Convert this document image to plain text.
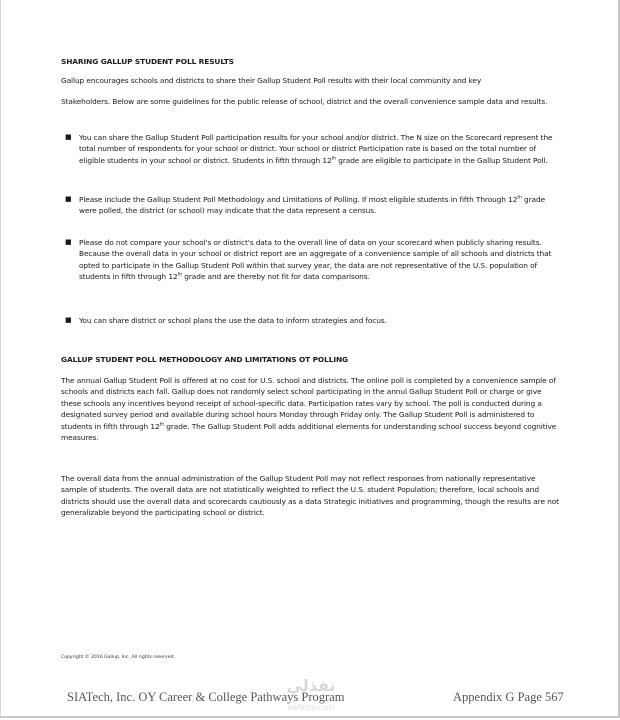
SHARING GALLUP STUDENT POLL RESULTS

Gallup encourages schools and districts to share their Gallup Student Poll results with their local community and key

Stakeholders. Below are some guidelines for the public release of school, district and the overall convenience sample data and results.

■ You can share the Gallup Student Poll participation results for your school and/or district. The N size on the Scorecard represent the total number of respondents for your school or district. Your school or district Participation rate is based on the total number of eligible students in your school or district. Students in fifth through 12th grade are eligible to participate in the Gallup Student Poll.
■ Please include the Gallup Student Poll Methodology and Limitations of Polling. If most eligible students in fifth Through 12th grade were polled, the district (or school) may indicate that the data represent a census.
■ Please do not compare your school's or district's data to the overall line of data on your scorecard when publicly sharing results. Because the overall data in your school or district report are an aggregate of a convenience sample of all schools and districts that opted to participate in the Gallup Student Poll within that survey year, the data are not representative of the U.S. population of students in fifth through 12th grade and are thereby not fit for data comparisons.
■ You can share district or school plans the use the data to inform strategies and focus.
GALLUP STUDENT POLL METHODOLOGY AND LIMITATIONS OT POLLING

The annual Gallup Student Poll is offered at no cost for U.S. school and districts. The online poll is completed by a convenience sample of schools and districts each fall. Gallup does not randomly select school participating in the annul Gallup Student Poll or charge or give these schools any incentives beyond receipt of school-specific data. Participation rates vary by school. The poll is conducted during a designated survey period and available during school hours Monday through Friday only. The Gallup Student Poll is administered to students in fifth through 12th grade. The Gallup Student Poll adds additional elements for understanding school success beyond cognitive measures.

The overall data from the annual administration of the Gallup Student Poll may not reflect responses from nationally representative sample of students. The overall data are not statistically weighted to reflect the U.S. student Population; therefore, local schools and districts should use the overall data and scorecards cautiously as a data Strategic initiatives and programming, though the results are not generalizable beyond the participating school or district.

Copyright © 2016 Gallup, Inc. All rights reserved.
نفذلي
nafezly.com
SIATech, Inc. OY Career & College Pathways Program	Appendix G Page 567
